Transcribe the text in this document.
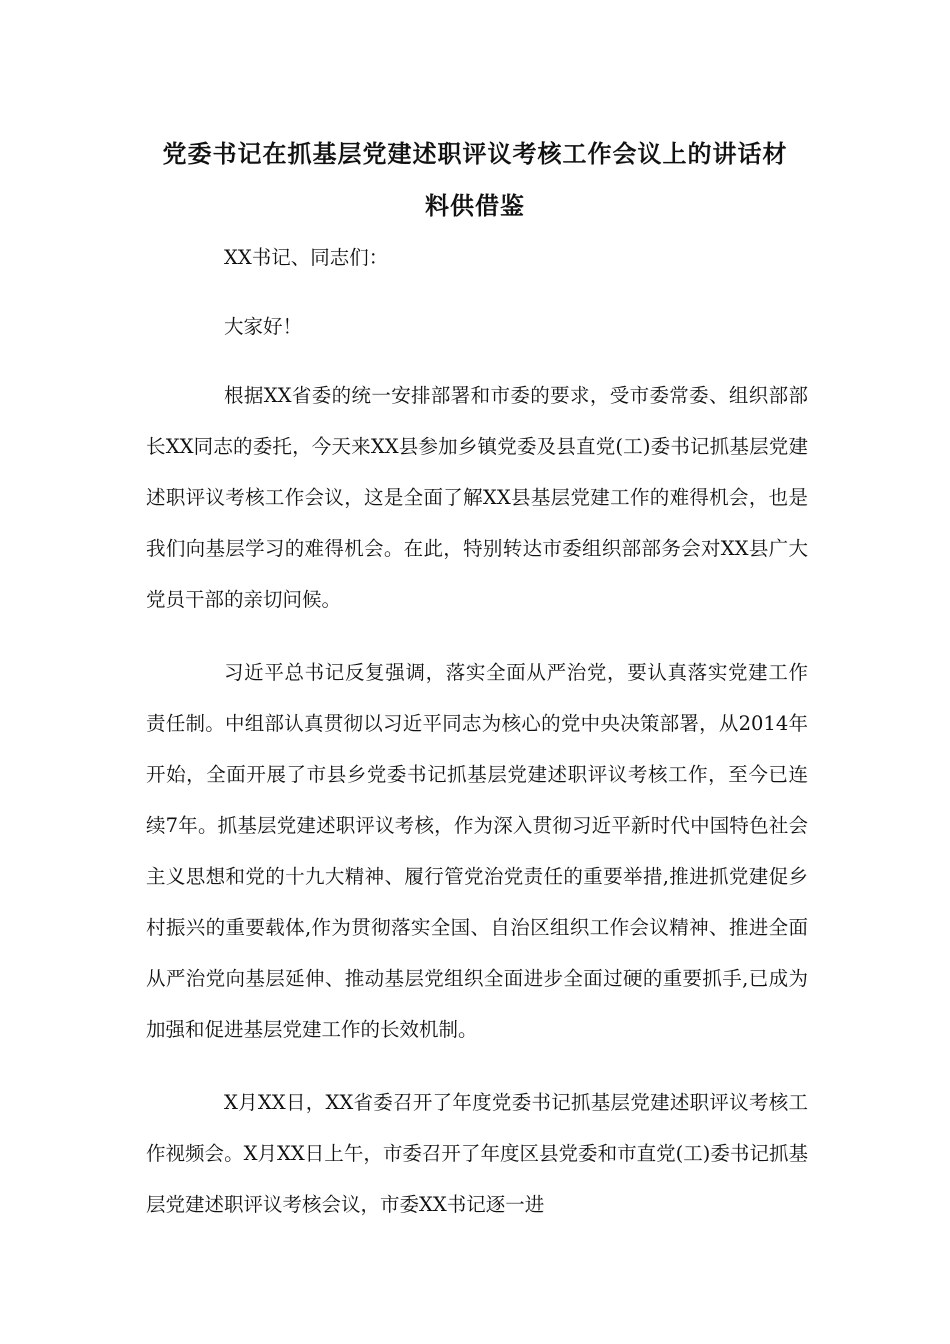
党委书记在抓基层党建述职评议考核工作会议上的讲话材
料供借鉴

XX书记、同志们：

大家好！

根据XX省委的统一安排部署和市委的要求，受市委常委、组织部部长XX同志的委托，今天来XX县参加乡镇党委及县直党(工)委书记抓基层党建述职评议考核工作会议，这是全面了解XX县基层党建工作的难得机会，也是我们向基层学习的难得机会。在此，特别转达市委组织部部务会对XX县广大党员干部的亲切问候。

习近平总书记反复强调，落实全面从严治党，要认真落实党建工作责任制。中组部认真贯彻以习近平同志为核心的党中央决策部署，从2014年开始，全面开展了市县乡党委书记抓基层党建述职评议考核工作，至今已连续7年。抓基层党建述职评议考核，作为深入贯彻习近平新时代中国特色社会主义思想和党的十九大精神、履行管党治党责任的重要举措,推进抓党建促乡村振兴的重要载体,作为贯彻落实全国、自治区组织工作会议精神、推进全面从严治党向基层延伸、推动基层党组织全面进步全面过硬的重要抓手,已成为加强和促进基层党建工作的长效机制。

X月XX日，XX省委召开了年度党委书记抓基层党建述职评议考核工作视频会。X月XX日上午，市委召开了年度区县党委和市直党(工)委书记抓基层党建述职评议考核会议，市委XX书记逐一进
